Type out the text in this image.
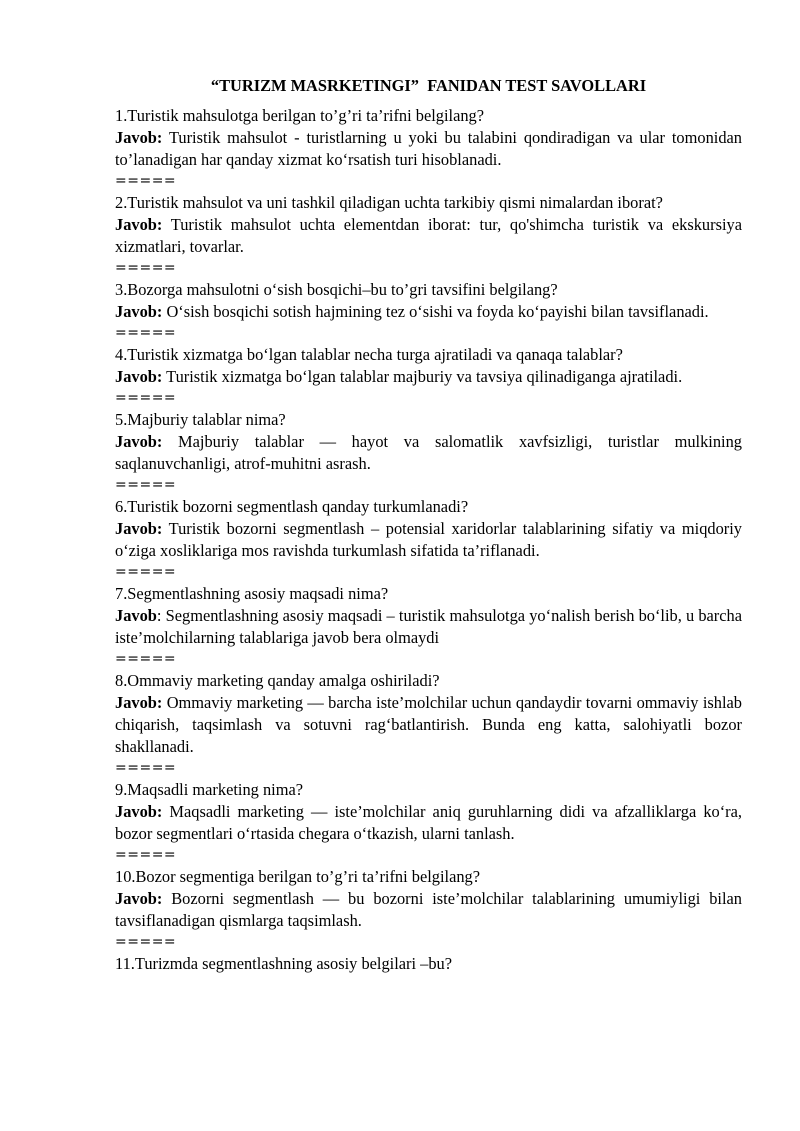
“TURIZM MASRKETINGI”  FANIDAN TEST SAVOLLARI

1.Turistik mahsulotga berilgan to’g’ri ta’rifni belgilang?

Javob: Turistik mahsulot - turistlarning u yoki bu talabini qondiradigan va ular tomonidan to’lanadigan har qanday xizmat ko‘rsatish turi hisoblanadi.

=====

2.Turistik mahsulot va uni tashkil qiladigan uchta tarkibiy qismi nimalardan iborat?

Javob: Turistik mahsulot uchta elementdan iborat: tur, qo'shimcha turistik va ekskursiya xizmatlari, tovarlar.

=====

3.Bozorga mahsulotni o‘sish bosqichi–bu to’gri tavsifini belgilang?

Javob: O‘sish bosqichi sotish hajmining tez o‘sishi va foyda ko‘payishi bilan tavsiflanadi.

=====

4.Turistik xizmatga bo‘lgan talablar necha turga ajratiladi va qanaqa talablar?

Javob: Turistik xizmatga bo‘lgan talablar majburiy va tavsiya qilinadiganga ajratiladi.

=====

5.Majburiy talablar nima?

Javob: Majburiy talablar — hayot va salomatlik xavfsizligi, turistlar mulkining saqlanuvchanligi, atrof-muhitni asrash.

=====

6.Turistik bozorni segmentlash qanday turkumlanadi?

Javob: Turistik bozorni segmentlash – potensial xaridorlar talablarining sifatiy va miqdoriy o‘ziga xosliklariga mos ravishda turkumlash sifatida ta’riflanadi.

=====

7.Segmentlashning asosiy maqsadi nima?

Javob: Segmentlashning asosiy maqsadi – turistik mahsulotga yo‘nalish berish bo‘lib, u barcha iste’molchilarning talablariga javob bera olmaydi

=====

8.Ommaviy marketing qanday amalga oshiriladi?

Javob: Ommaviy marketing — barcha iste’molchilar uchun qandaydir tovarni ommaviy ishlab chiqarish, taqsimlash va sotuvni rag‘batlantirish. Bunda eng katta, salohiyatli bozor shakllanadi.

=====

9.Maqsadli marketing nima?

Javob: Maqsadli marketing — iste’molchilar aniq guruhlarning didi va afzalliklarga ko‘ra, bozor segmentlari o‘rtasida chegara o‘tkazish, ularni tanlash.

=====

10.Bozor segmentiga berilgan to’g’ri ta’rifni belgilang?

Javob: Bozorni segmentlash — bu bozorni iste’molchilar talablarining umumiyligi bilan tavsiflanadigan qismlarga taqsimlash.

=====

11.Turizmda segmentlashning asosiy belgilari –bu?
